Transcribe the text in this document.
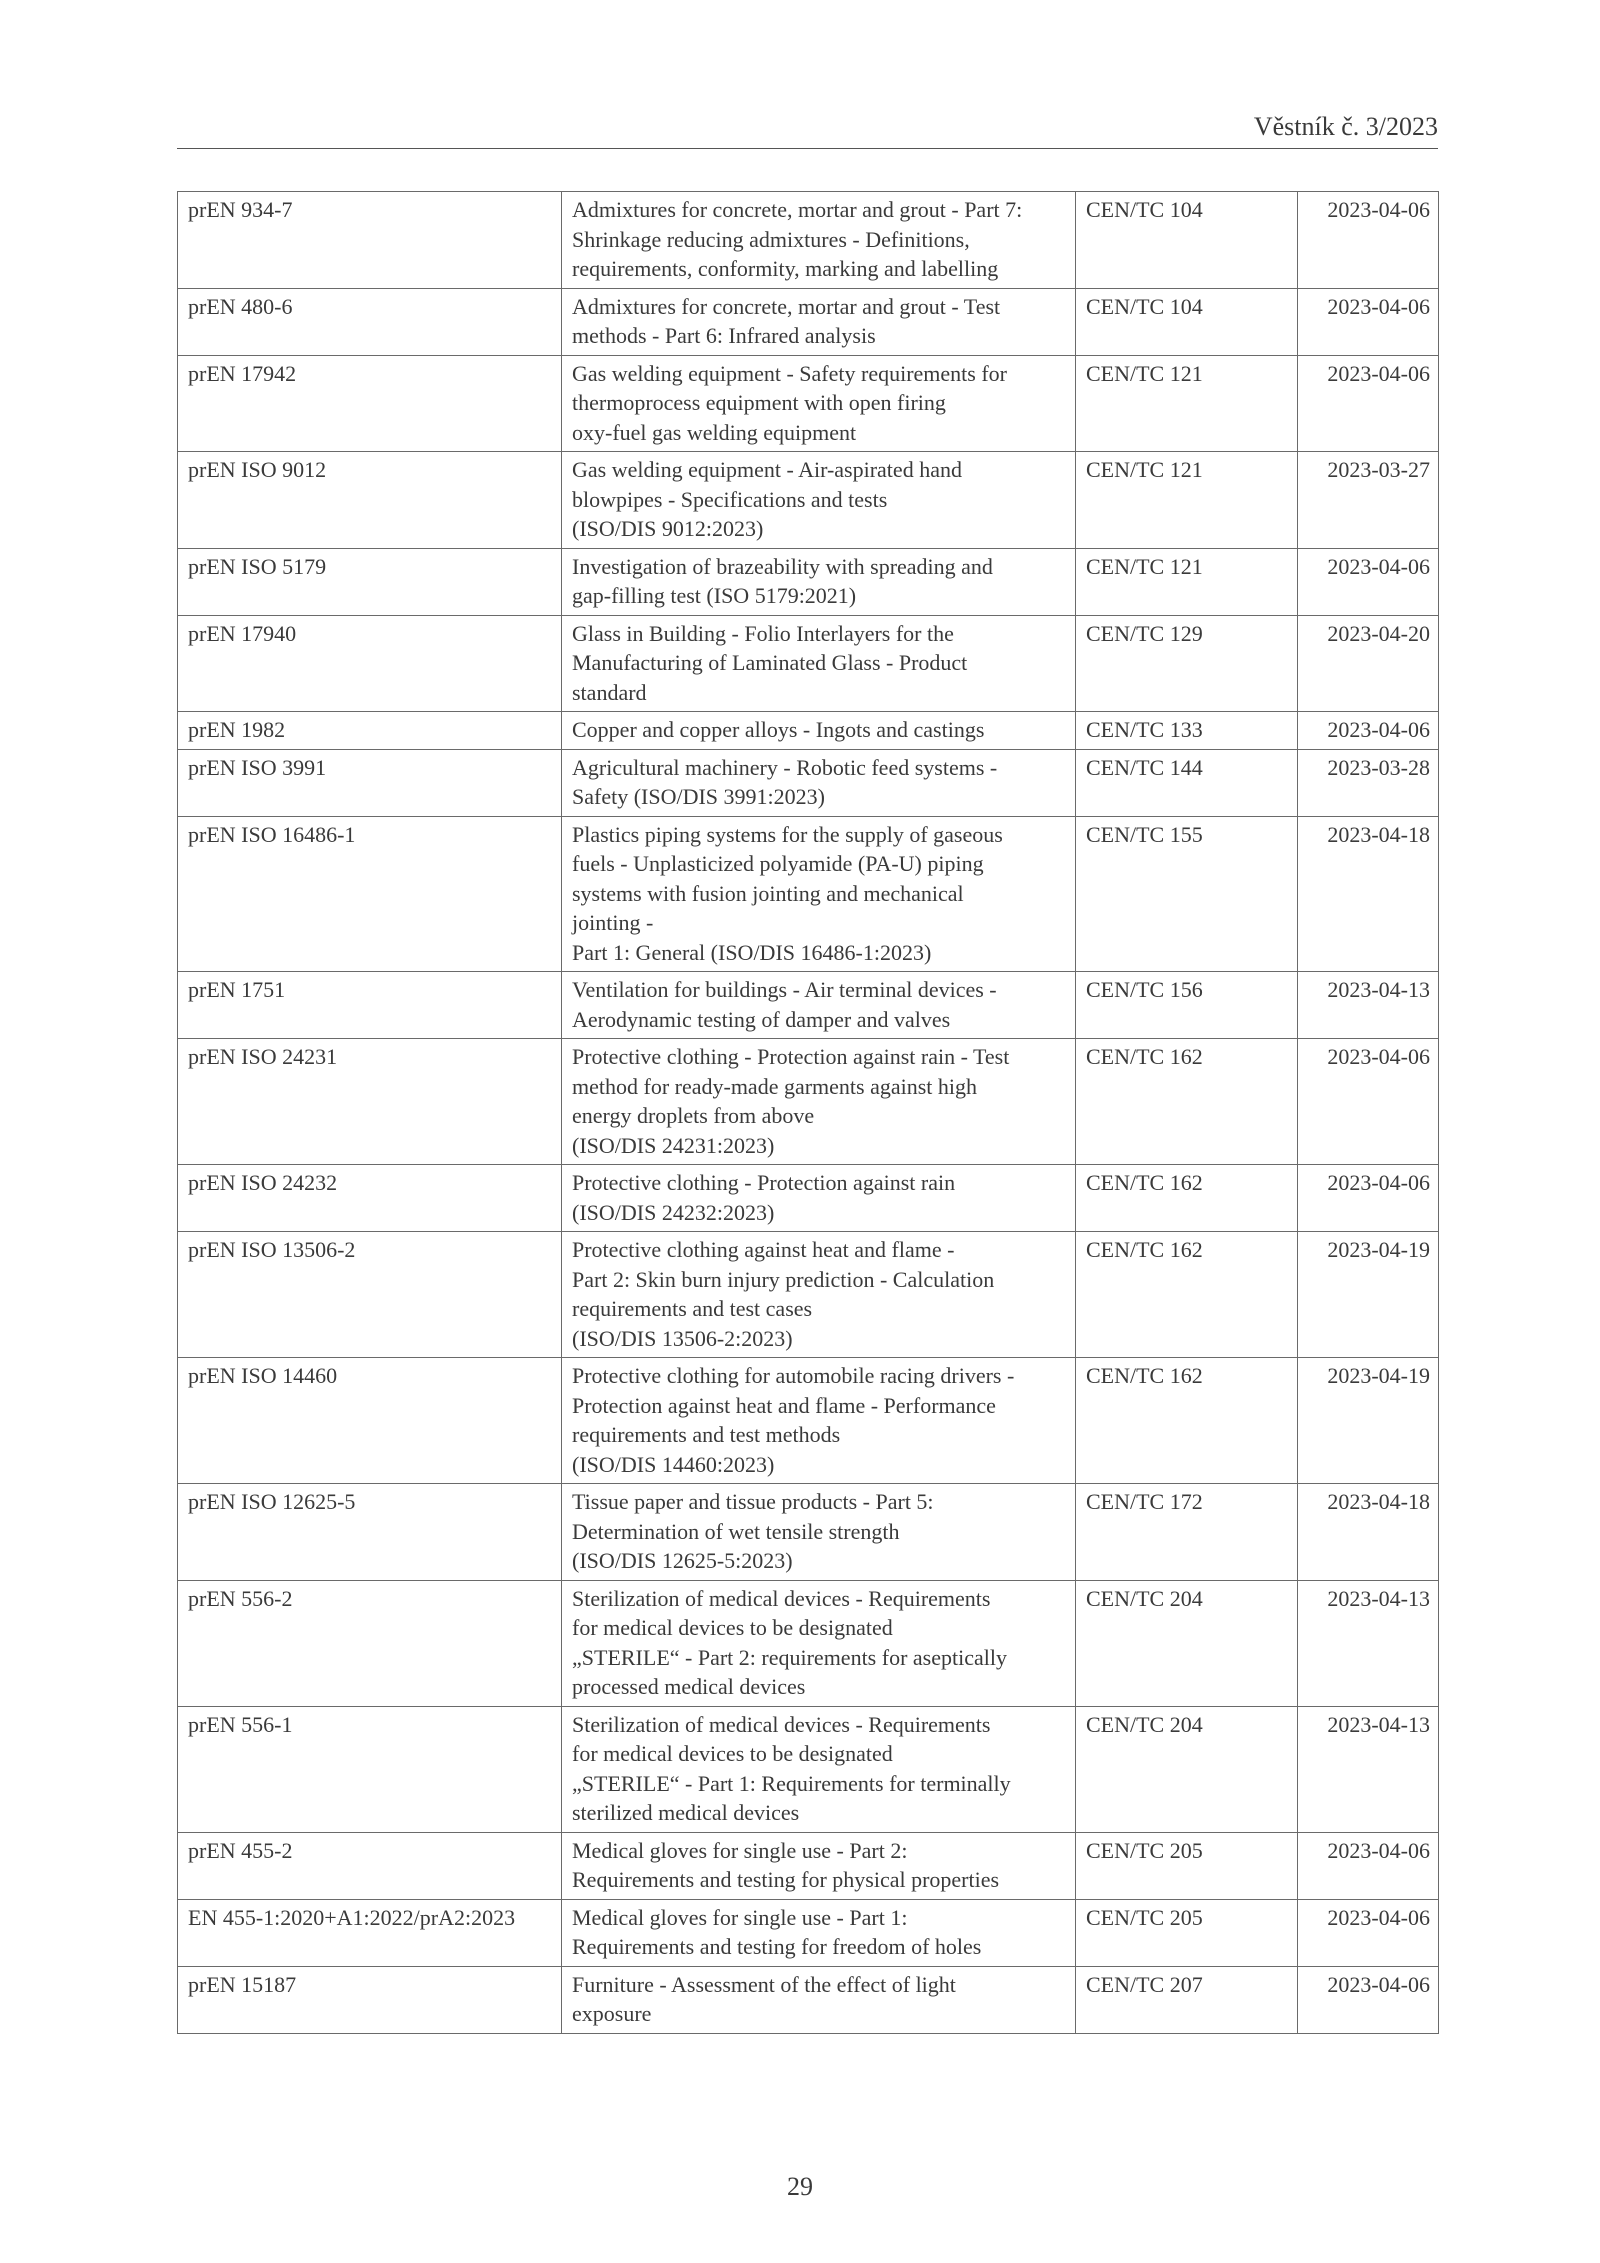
Věstník č. 3/2023
prEN 934-7	Admixtures for concrete, mortar and grout - Part 7:
Shrinkage reducing admixtures - Definitions,
requirements, conformity, marking and labelling	CEN/TC 104	2023-04-06
prEN 480-6	Admixtures for concrete, mortar and grout - Test
methods - Part 6: Infrared analysis	CEN/TC 104	2023-04-06
prEN 17942	Gas welding equipment - Safety requirements for
thermoprocess equipment with open firing
oxy-fuel gas welding equipment	CEN/TC 121	2023-04-06
prEN ISO 9012	Gas welding equipment - Air-aspirated hand
blowpipes - Specifications and tests
(ISO/DIS 9012:2023)	CEN/TC 121	2023-03-27
prEN ISO 5179	Investigation of brazeability with spreading and
gap-filling test (ISO 5179:2021)	CEN/TC 121	2023-04-06
prEN 17940	Glass in Building - Folio Interlayers for the
Manufacturing of Laminated Glass - Product
standard	CEN/TC 129	2023-04-20
prEN 1982	Copper and copper alloys - Ingots and castings	CEN/TC 133	2023-04-06
prEN ISO 3991	Agricultural machinery - Robotic feed systems -
Safety (ISO/DIS 3991:2023)	CEN/TC 144	2023-03-28
prEN ISO 16486-1	Plastics piping systems for the supply of gaseous
fuels - Unplasticized polyamide (PA-U) piping
systems with fusion jointing and mechanical
jointing -
Part 1: General (ISO/DIS 16486-1:2023)	CEN/TC 155	2023-04-18
prEN 1751	Ventilation for buildings - Air terminal devices -
Aerodynamic testing of damper and valves	CEN/TC 156	2023-04-13
prEN ISO 24231	Protective clothing - Protection against rain - Test
method for ready-made garments against high
energy droplets from above
(ISO/DIS 24231:2023)	CEN/TC 162	2023-04-06
prEN ISO 24232	Protective clothing - Protection against rain
(ISO/DIS 24232:2023)	CEN/TC 162	2023-04-06
prEN ISO 13506-2	Protective clothing against heat and flame -
Part 2: Skin burn injury prediction - Calculation
requirements and test cases
(ISO/DIS 13506-2:2023)	CEN/TC 162	2023-04-19
prEN ISO 14460	Protective clothing for automobile racing drivers -
Protection against heat and flame - Performance
requirements and test methods
(ISO/DIS 14460:2023)	CEN/TC 162	2023-04-19
prEN ISO 12625-5	Tissue paper and tissue products - Part 5:
Determination of wet tensile strength
(ISO/DIS 12625-5:2023)	CEN/TC 172	2023-04-18
prEN 556-2	Sterilization of medical devices - Requirements
for medical devices to be designated
„STERILE“ - Part 2: requirements for aseptically
processed medical devices	CEN/TC 204	2023-04-13
prEN 556-1	Sterilization of medical devices - Requirements
for medical devices to be designated
„STERILE“ - Part 1: Requirements for terminally
sterilized medical devices	CEN/TC 204	2023-04-13
prEN 455-2	Medical gloves for single use - Part 2:
Requirements and testing for physical properties	CEN/TC 205	2023-04-06
EN 455-1:2020+A1:2022/prA2:2023	Medical gloves for single use - Part 1:
Requirements and testing for freedom of holes	CEN/TC 205	2023-04-06
prEN 15187	Furniture - Assessment of the effect of light
exposure	CEN/TC 207	2023-04-06
29
